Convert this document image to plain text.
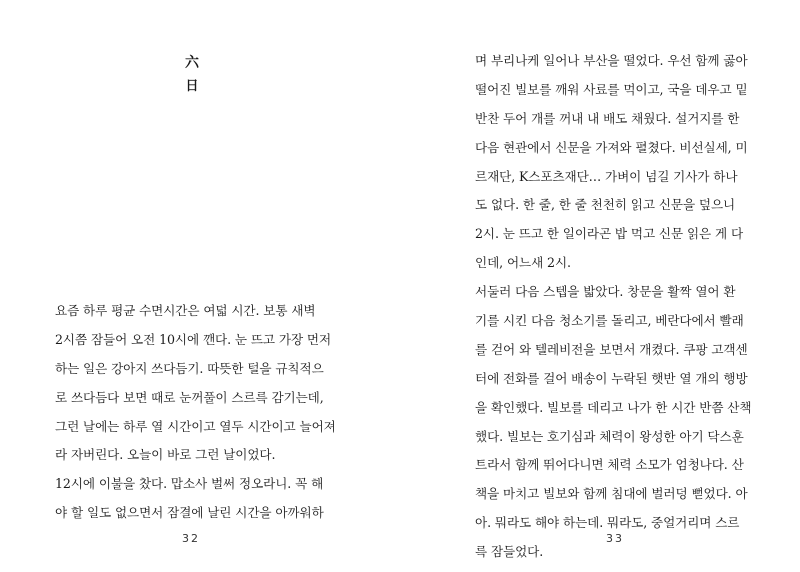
六
日
요즘 하루 평균 수면시간은 여덟 시간. 보통 새벽
2시쯤 잠들어 오전 10시에 깬다. 눈 뜨고 가장 먼저
하는 일은 강아지 쓰다듬기. 따뜻한 털을 규칙적으
로 쓰다듬다 보면 때로 눈꺼풀이 스르륵 감기는데,
그런 날에는 하루 열 시간이고 열두 시간이고 늘어져
라 자버린다. 오늘이 바로 그런 날이었다.
12시에 이불을 찼다. 맙소사 벌써 정오라니. 꼭 해
야 할 일도 없으면서 잠결에 날린 시간을 아까워하
32
며 부리나케 일어나 부산을 떨었다. 우선 함께 곯아
떨어진 빌보를 깨워 사료를 먹이고, 국을 데우고 밑
반찬 두어 개를 꺼내 내 배도 채웠다. 설거지를 한
다음 현관에서 신문을 가져와 펼쳤다. 비선실세, 미
르재단, K스포츠재단… 가벼이 넘길 기사가 하나
도 없다. 한 줄, 한 줄 천천히 읽고 신문을 덮으니
2시. 눈 뜨고 한 일이라곤 밥 먹고 신문 읽은 게 다
인데, 어느새 2시.
서둘러 다음 스텝을 밟았다. 창문을 활짝 열어 환
기를 시킨 다음 청소기를 돌리고, 베란다에서 빨래
를 걷어 와 텔레비전을 보면서 개켰다. 쿠팡 고객센
터에 전화를 걸어 배송이 누락된 햇반 열 개의 행방
을 확인했다. 빌보를 데리고 나가 한 시간 반쯤 산책
했다. 빌보는 호기심과 체력이 왕성한 아기 닥스훈
트라서 함께 뛰어다니면 체력 소모가 엄청나다. 산
책을 마치고 빌보와 함께 침대에 벌러덩 뻗었다. 아
아. 뭐라도 해야 하는데. 뭐라도, 중얼거리며 스르
륵 잠들었다.
33
